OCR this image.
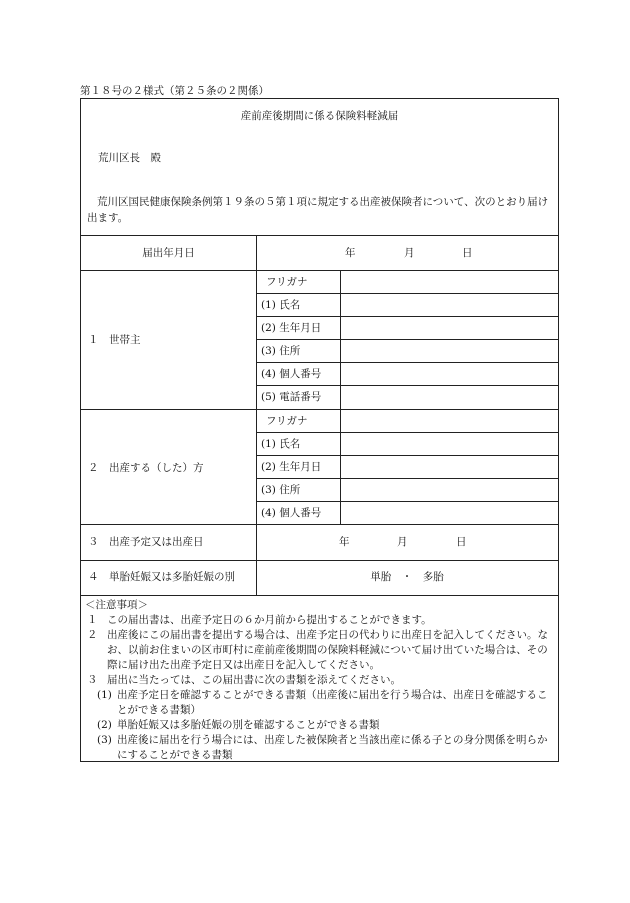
第１８号の２様式（第２５条の２関係）
産前産後期間に係る保険料軽減届
荒川区長　殿
荒川区国民健康保険条例第１９条の５第１項に規定する出産被保険者について、次のとおり届け出ます。
届出年月日	年	月	日
１　世帯主
フリガナ
(1) 氏名
(2) 生年月日
(3) 住所
(4) 個人番号
(5) 電話番号
２　出産する（した）方
フリガナ
(1) 氏名
(2) 生年月日
(3) 住所
(4) 個人番号
３　出産予定又は出産日	年	月	日
４　単胎妊娠又は多胎妊娠の別	単胎　・　多胎
＜注意事項＞
１ この届出書は、出産予定日の６か月前から提出することができます。
２ 出産後にこの届出書を提出する場合は、出産予定日の代わりに出産日を記入してください。なお、以前お住まいの区市町村に産前産後期間の保険料軽減について届け出ていた場合は、その際に届け出た出産予定日又は出産日を記入してください。
３ 届出に当たっては、この届出書に次の書類を添えてください。
(1) 出産予定日を確認することができる書類（出産後に届出を行う場合は、出産日を確認することができる書類）
(2) 単胎妊娠又は多胎妊娠の別を確認することができる書類
(3) 出産後に届出を行う場合には、出産した被保険者と当該出産に係る子との身分関係を明らかにすることができる書類
